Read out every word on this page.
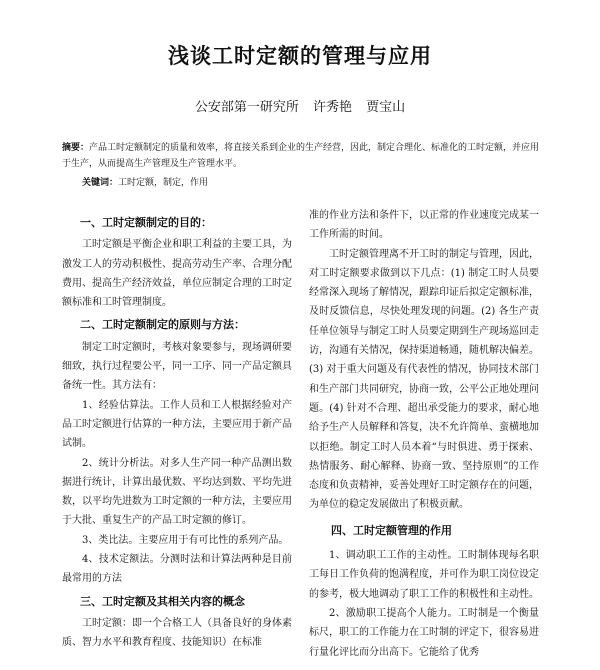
浅谈工时定额的管理与应用
公安部第一研究所 许秀艳 贾宝山
摘要：产品工时定额制定的质量和效率，将直接关系到企业的生产经营，因此，制定合理化、标准化的工时定额，并应用于生产，从而提高生产管理及生产管理水平。
关键词：工时定额，制定，作用
一、工时定额制定的目的：

工时定额是平衡企业和职工利益的主要工具，为激发工人的劳动积极性、提高劳动生产率、合理分配费用、提高生产经济效益，单位应制定合理的工时定额标准和工时管理制度。

二、工时定额制定的原则与方法：

制定工时定额时，考核对象要参与，现场调研要细致，执行过程要公平，同一工序、同一产品定额具备统一性。其方法有：

1、经验估算法。工作人员和工人根据经验对产品工时定额进行估算的一种方法，主要应用于新产品试制。

2、统计分析法。对多人生产同一种产品测出数据进行统计，计算出最优数、平均达到数、平均先进数，以平均先进数为工时定额的一种方法，主要应用于大批、重复生产的产品工时定额的修订。

3、类比法。主要应用于有可比性的系列产品。

4、技术定额法。分测时法和计算法两种是目前最常用的方法

三、工时定额及其相关内容的概念

工时定额：即一个合格工人（具备良好的身体素质、智力水平和教育程度、技能知识）在标准

准的作业方法和条件下，以正常的作业速度完成某一工作所需的时间。

工时定额管理离不开工时的制定与管理，因此，对工时定额要求做到以下几点：(1) 制定工时人员要经常深入现场了解情况，跟踪印证后拟定定额标准，及时反馈信息，尽快处理发现的问题。(2) 各生产责任单位领导与制定工时人员要定期到生产现场巡回走访，沟通有关情况，保持渠道畅通，随机解决偏差。(3) 对于重大问题及有代表性的情况，协同技术部门和生产部门共同研究，协商一致，公平公正地处理问题。(4) 针对不合理、超出承受能力的要求，耐心地给予生产人员解释和答复，决不允许简单、蛮横地加以拒绝。制定工时人员本着“与时俱进、勇于探索、热情服务、耐心解释、协商一致、坚持原则”的工作态度和负责精神，妥善处理好工时定额存在的问题，为单位的稳定发展做出了积极贡献。

四、工时定额管理的作用

1、调动职工工作的主动性。工时制体现每名职工每日工作负荷的饱满程度，并可作为职工岗位设定的参考，极大地调动了职工工作的积极性和主动性。

2、激励职工提高个人能力。工时制是一个衡量标尺，职工的工作能力在工时制的评定下，很容易进行量化评比而分出高下。它能给了优秀
